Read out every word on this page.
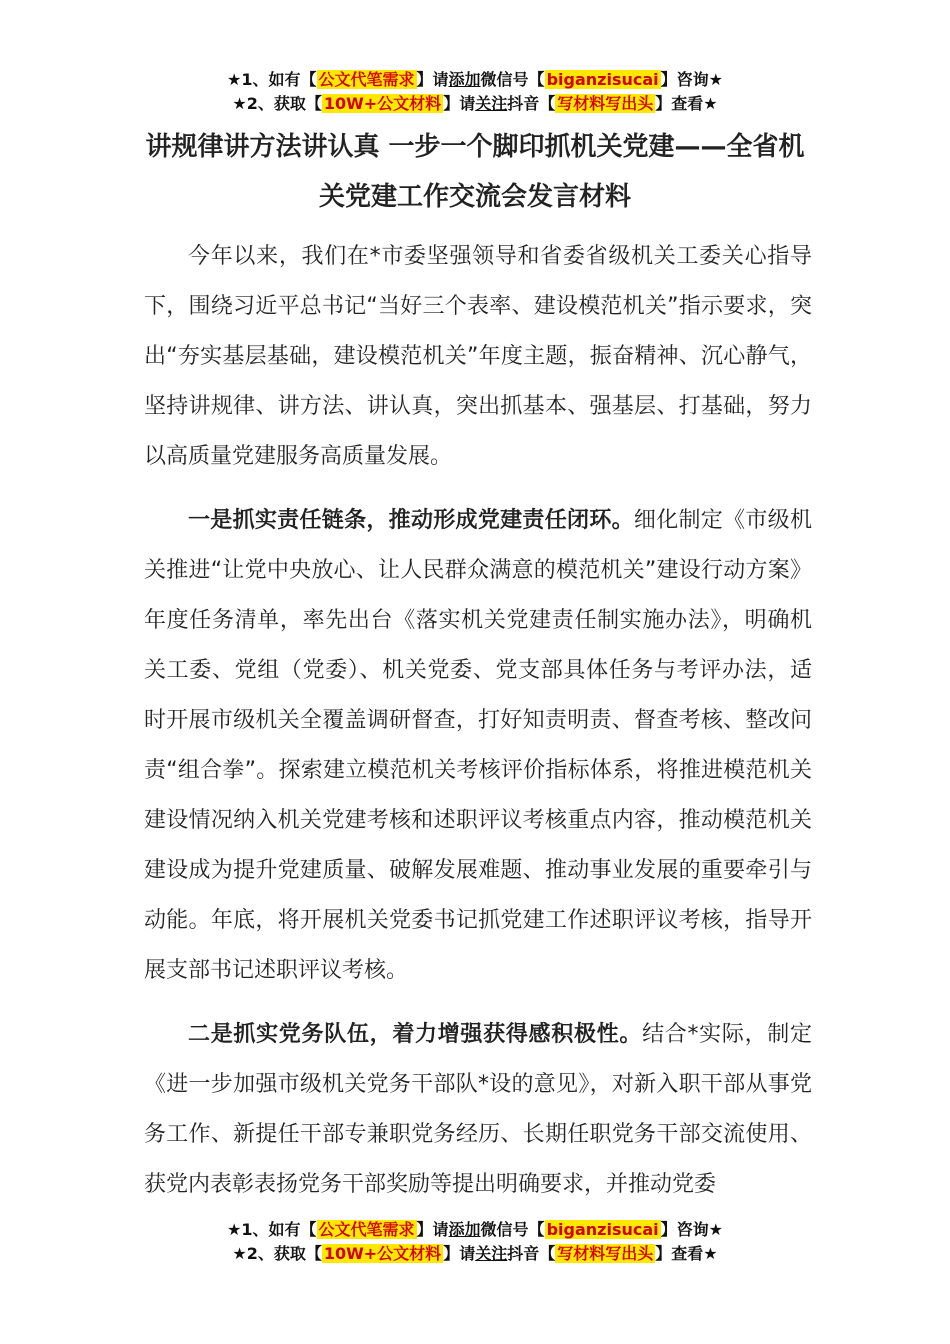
★1、如有【 公文代笔需求 】请添加微信号【 biganzisucai 】咨询★
★2、获取【 10W+公文材料 】请关注抖音【 写材料写出头 】查看★
讲规律讲方法讲认真 一步一个脚印抓机关党建——全省机
关党建工作交流会发言材料

今年以来，我们在*市委坚强领导和省委省级机关工委关心指导下，围绕习近平总书记“当好三个表率、建设模范机关”指示要求，突出“夯实基层基础，建设模范机关”年度主题，振奋精神、沉心静气，坚持讲规律、讲方法、讲认真，突出抓基本、强基层、打基础，努力以高质量党建服务高质量发展。

一是抓实责任链条，推动形成党建责任闭环。细化制定《市级机关推进“让党中央放心、让人民群众满意的模范机关”建设行动方案》年度任务清单，率先出台《落实机关党建责任制实施办法》，明确机关工委、党组（党委）、机关党委、党支部具体任务与考评办法，适时开展市级机关全覆盖调研督查，打好知责明责、督查考核、整改问责“组合拳”。探索建立模范机关考核评价指标体系，将推进模范机关建设情况纳入机关党建考核和述职评议考核重点内容，推动模范机关建设成为提升党建质量、破解发展难题、推动事业发展的重要牵引与动能。年底，将开展机关党委书记抓党建工作述职评议考核，指导开展支部书记述职评议考核。

二是抓实党务队伍，着力增强获得感积极性。结合*实际，制定《进一步加强市级机关党务干部队*设的意见》，对新入职干部从事党务工作、新提任干部专兼职党务经历、长期任职党务干部交流使用、获党内表彰表扬党务干部奖励等提出明确要求，并推动党委

★1、如有【 公文代笔需求 】请添加微信号【 biganzisucai 】咨询★
★2、获取【 10W+公文材料 】请关注抖音【 写材料写出头 】查看★
